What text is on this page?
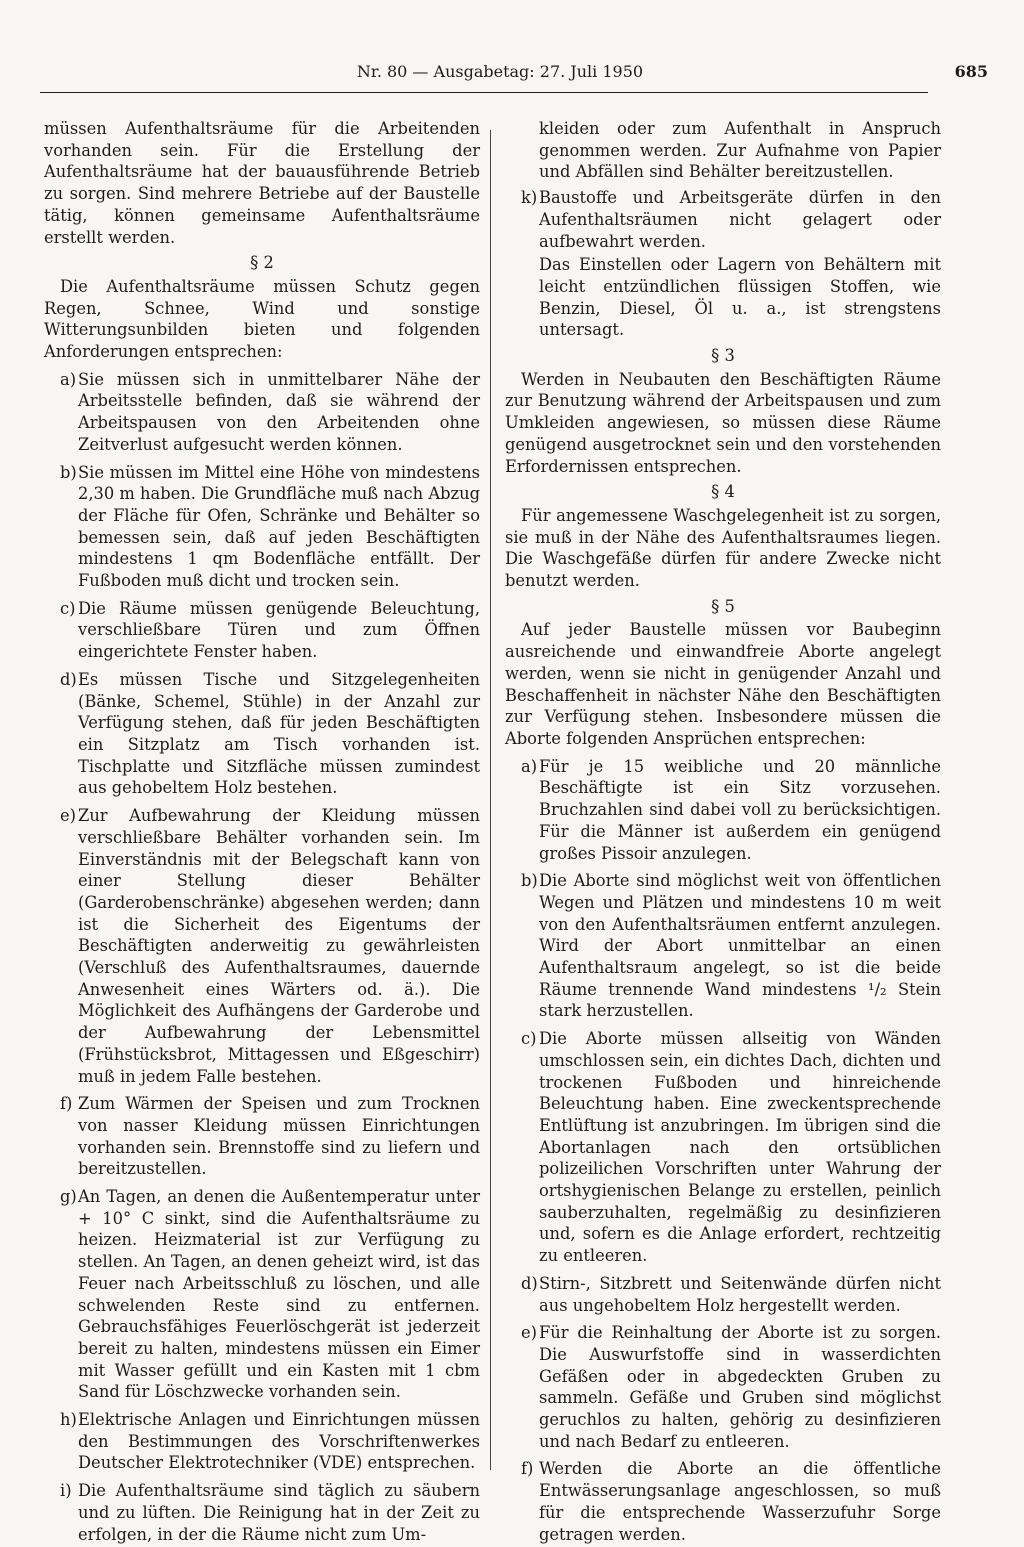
Nr. 80 — Ausgabetag: 27. Juli 1950	685

müssen Aufenthaltsräume für die Arbeitenden vorhanden sein. Für die Erstellung der Aufenthaltsräume hat der bauausführende Betrieb zu sorgen. Sind mehrere Betriebe auf der Baustelle tätig, können gemeinsame Aufenthaltsräume erstellt werden.

§ 2

Die Aufenthaltsräume müssen Schutz gegen Regen, Schnee, Wind und sonstige Witterungsunbilden bieten und folgenden Anforderungen entsprechen:

a) Sie müssen sich in unmittelbarer Nähe der Arbeitsstelle befinden, daß sie während der Arbeitspausen von den Arbeitenden ohne Zeitverlust aufgesucht werden können.
b) Sie müssen im Mittel eine Höhe von mindestens 2,30 m haben. Die Grundfläche muß nach Abzug der Fläche für Ofen, Schränke und Behälter so bemessen sein, daß auf jeden Beschäftigten mindestens 1 qm Bodenfläche entfällt. Der Fußboden muß dicht und trocken sein.
c) Die Räume müssen genügende Beleuchtung, verschließbare Türen und zum Öffnen eingerichtete Fenster haben.
d) Es müssen Tische und Sitzgelegenheiten (Bänke, Schemel, Stühle) in der Anzahl zur Verfügung stehen, daß für jeden Beschäftigten ein Sitzplatz am Tisch vorhanden ist. Tischplatte und Sitzfläche müssen zumindest aus gehobeltem Holz bestehen.
e) Zur Aufbewahrung der Kleidung müssen verschließbare Behälter vorhanden sein. Im Einverständnis mit der Belegschaft kann von einer Stellung dieser Behälter (Garderobenschränke) abgesehen werden; dann ist die Sicherheit des Eigentums der Beschäftigten anderweitig zu gewährleisten (Verschluß des Aufenthaltsraumes, dauernde Anwesenheit eines Wärters od. ä.). Die Möglichkeit des Aufhängens der Garderobe und der Aufbewahrung der Lebensmittel (Frühstücksbrot, Mittagessen und Eßgeschirr) muß in jedem Falle bestehen.
f) Zum Wärmen der Speisen und zum Trocknen von nasser Kleidung müssen Einrichtungen vorhanden sein. Brennstoffe sind zu liefern und bereitzustellen.
g) An Tagen, an denen die Außentemperatur unter + 10° C sinkt, sind die Aufenthaltsräume zu heizen. Heizmaterial ist zur Verfügung zu stellen. An Tagen, an denen geheizt wird, ist das Feuer nach Arbeitsschluß zu löschen, und alle schwelenden Reste sind zu entfernen. Gebrauchsfähiges Feuerlöschgerät ist jederzeit bereit zu halten, mindestens müssen ein Eimer mit Wasser gefüllt und ein Kasten mit 1 cbm Sand für Löschzwecke vorhanden sein.
h) Elektrische Anlagen und Einrichtungen müssen den Bestimmungen des Vorschriftenwerkes Deutscher Elektrotechniker (VDE) entsprechen.
i) Die Aufenthaltsräume sind täglich zu säubern und zu lüften. Die Reinigung hat in der Zeit zu erfolgen, in der die Räume nicht zum Um-

kleiden oder zum Aufenthalt in Anspruch genommen werden. Zur Aufnahme von Papier und Abfällen sind Behälter bereitzustellen.

k) Baustoffe und Arbeitsgeräte dürfen in den Aufenthaltsräumen nicht gelagert oder aufbewahrt werden.

Das Einstellen oder Lagern von Behältern mit leicht entzündlichen flüssigen Stoffen, wie Benzin, Diesel, Öl u. a., ist strengstens untersagt.

§ 3

Werden in Neubauten den Beschäftigten Räume zur Benutzung während der Arbeitspausen und zum Umkleiden angewiesen, so müssen diese Räume genügend ausgetrocknet sein und den vorstehenden Erfordernissen entsprechen.

§ 4

Für angemessene Waschgelegenheit ist zu sorgen, sie muß in der Nähe des Aufenthaltsraumes liegen. Die Waschgefäße dürfen für andere Zwecke nicht benutzt werden.

§ 5

Auf jeder Baustelle müssen vor Baubeginn ausreichende und einwandfreie Aborte angelegt werden, wenn sie nicht in genügender Anzahl und Beschaffenheit in nächster Nähe den Beschäftigten zur Verfügung stehen. Insbesondere müssen die Aborte folgenden Ansprüchen entsprechen:

a) Für je 15 weibliche und 20 männliche Beschäftigte ist ein Sitz vorzusehen. Bruchzahlen sind dabei voll zu berücksichtigen. Für die Männer ist außerdem ein genügend großes Pissoir anzulegen.
b) Die Aborte sind möglichst weit von öffentlichen Wegen und Plätzen und mindestens 10 m weit von den Aufenthaltsräumen entfernt anzulegen. Wird der Abort unmittelbar an einen Aufenthaltsraum angelegt, so ist die beide Räume trennende Wand mindestens ¹/₂ Stein stark herzustellen.
c) Die Aborte müssen allseitig von Wänden umschlossen sein, ein dichtes Dach, dichten und trockenen Fußboden und hinreichende Beleuchtung haben. Eine zweckentsprechende Entlüftung ist anzubringen. Im übrigen sind die Abortanlagen nach den ortsüblichen polizeilichen Vorschriften unter Wahrung der ortshygienischen Belange zu erstellen, peinlich sauberzuhalten, regelmäßig zu desinfizieren und, sofern es die Anlage erfordert, rechtzeitig zu entleeren.
d) Stirn-, Sitzbrett und Seitenwände dürfen nicht aus ungehobeltem Holz hergestellt werden.
e) Für die Reinhaltung der Aborte ist zu sorgen. Die Auswurfstoffe sind in wasserdichten Gefäßen oder in abgedeckten Gruben zu sammeln. Gefäße und Gruben sind möglichst geruchlos zu halten, gehörig zu desinfizieren und nach Bedarf zu entleeren.
f) Werden die Aborte an die öffentliche Entwässerungsanlage angeschlossen, so muß für die entsprechende Wasserzufuhr Sorge getragen werden.
